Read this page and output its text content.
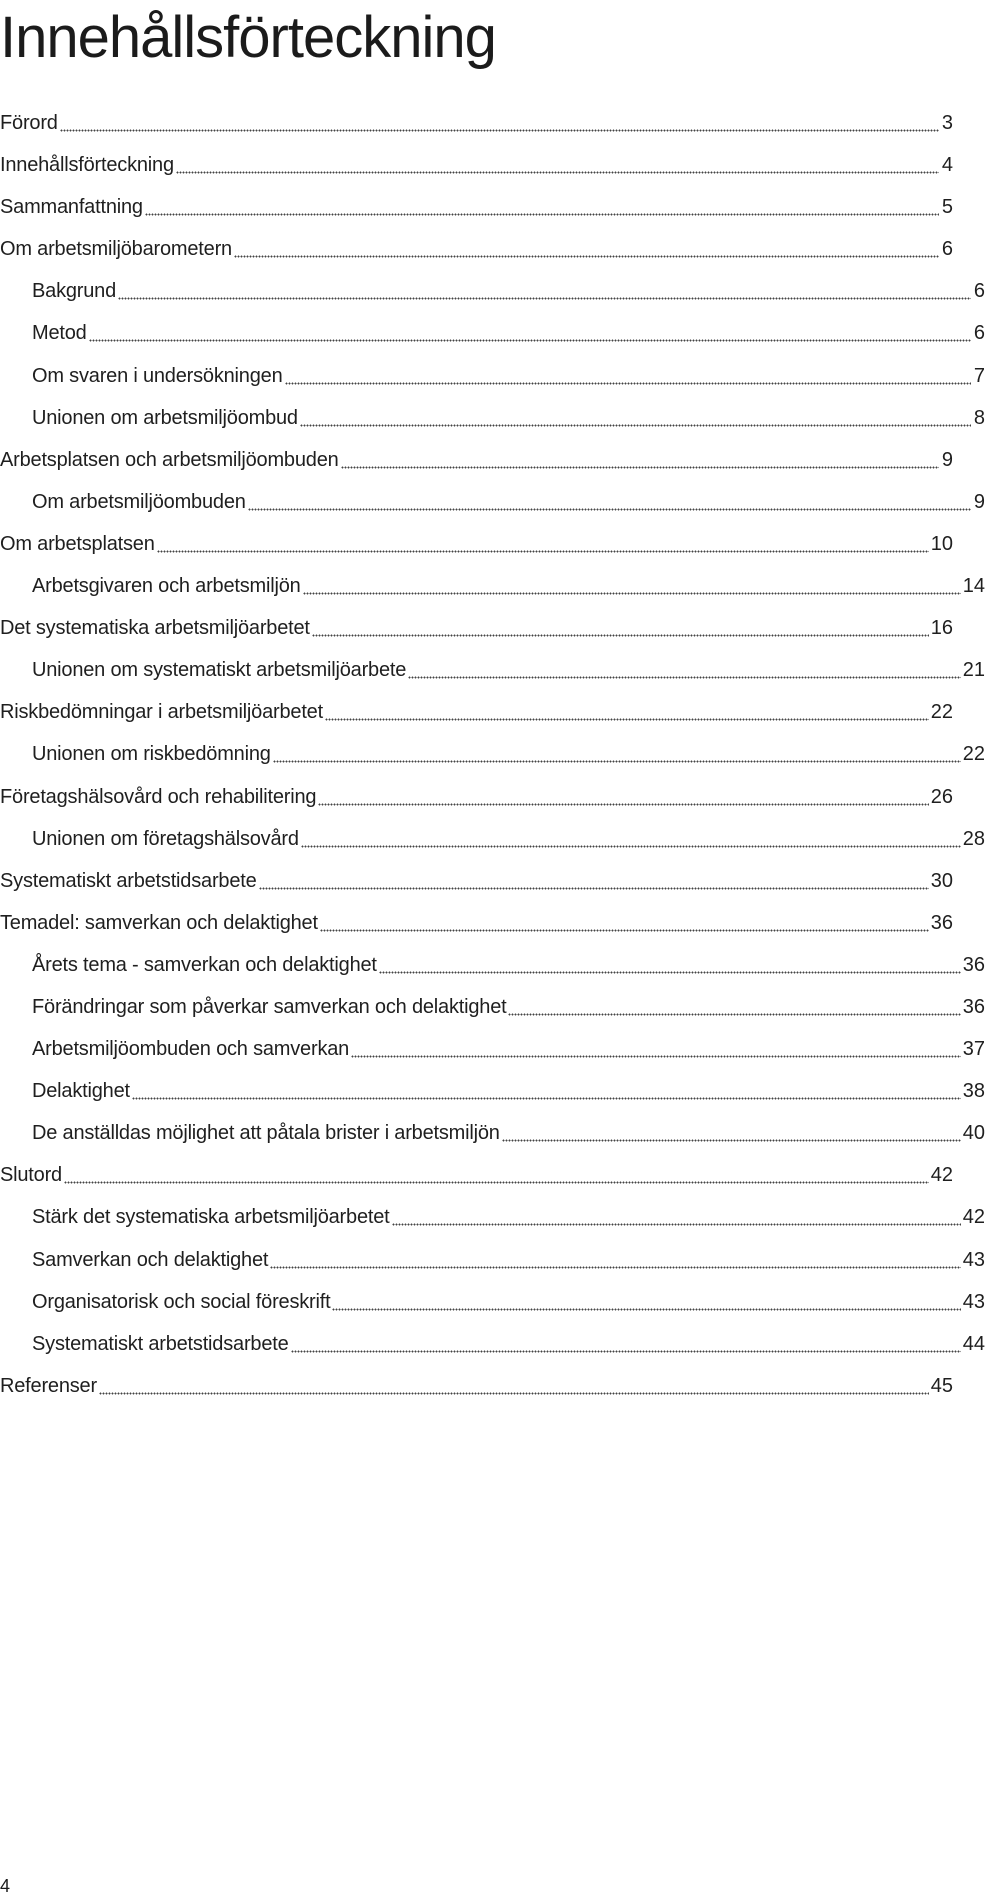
Innehållsförteckning
Förord	3
Innehållsförteckning	4
Sammanfattning	5
Om arbetsmiljöbarometern	6
Bakgrund	6
Metod	6
Om svaren i undersökningen	7
Unionen om arbetsmiljöombud	8
Arbetsplatsen och arbetsmiljöombuden	9
Om arbetsmiljöombuden	9
Om arbetsplatsen	10
Arbetsgivaren och arbetsmiljön	14
Det systematiska arbetsmiljöarbetet	16
Unionen om systematiskt arbetsmiljöarbete	21
Riskbedömningar i arbetsmiljöarbetet	22
Unionen om riskbedömning	22
Företagshälsovård och rehabilitering	26
Unionen om företagshälsovård	28
Systematiskt arbetstidsarbete	30
Temadel: samverkan och delaktighet	36
Årets tema - samverkan och delaktighet	36
Förändringar som påverkar samverkan och delaktighet	36
Arbetsmiljöombuden och samverkan	37
Delaktighet	38
De anställdas möjlighet att påtala brister i arbetsmiljön	40
Slutord	42
Stärk det systematiska arbetsmiljöarbetet	42
Samverkan och delaktighet	43
Organisatorisk och social föreskrift	43
Systematiskt arbetstidsarbete	44
Referenser	45
4
